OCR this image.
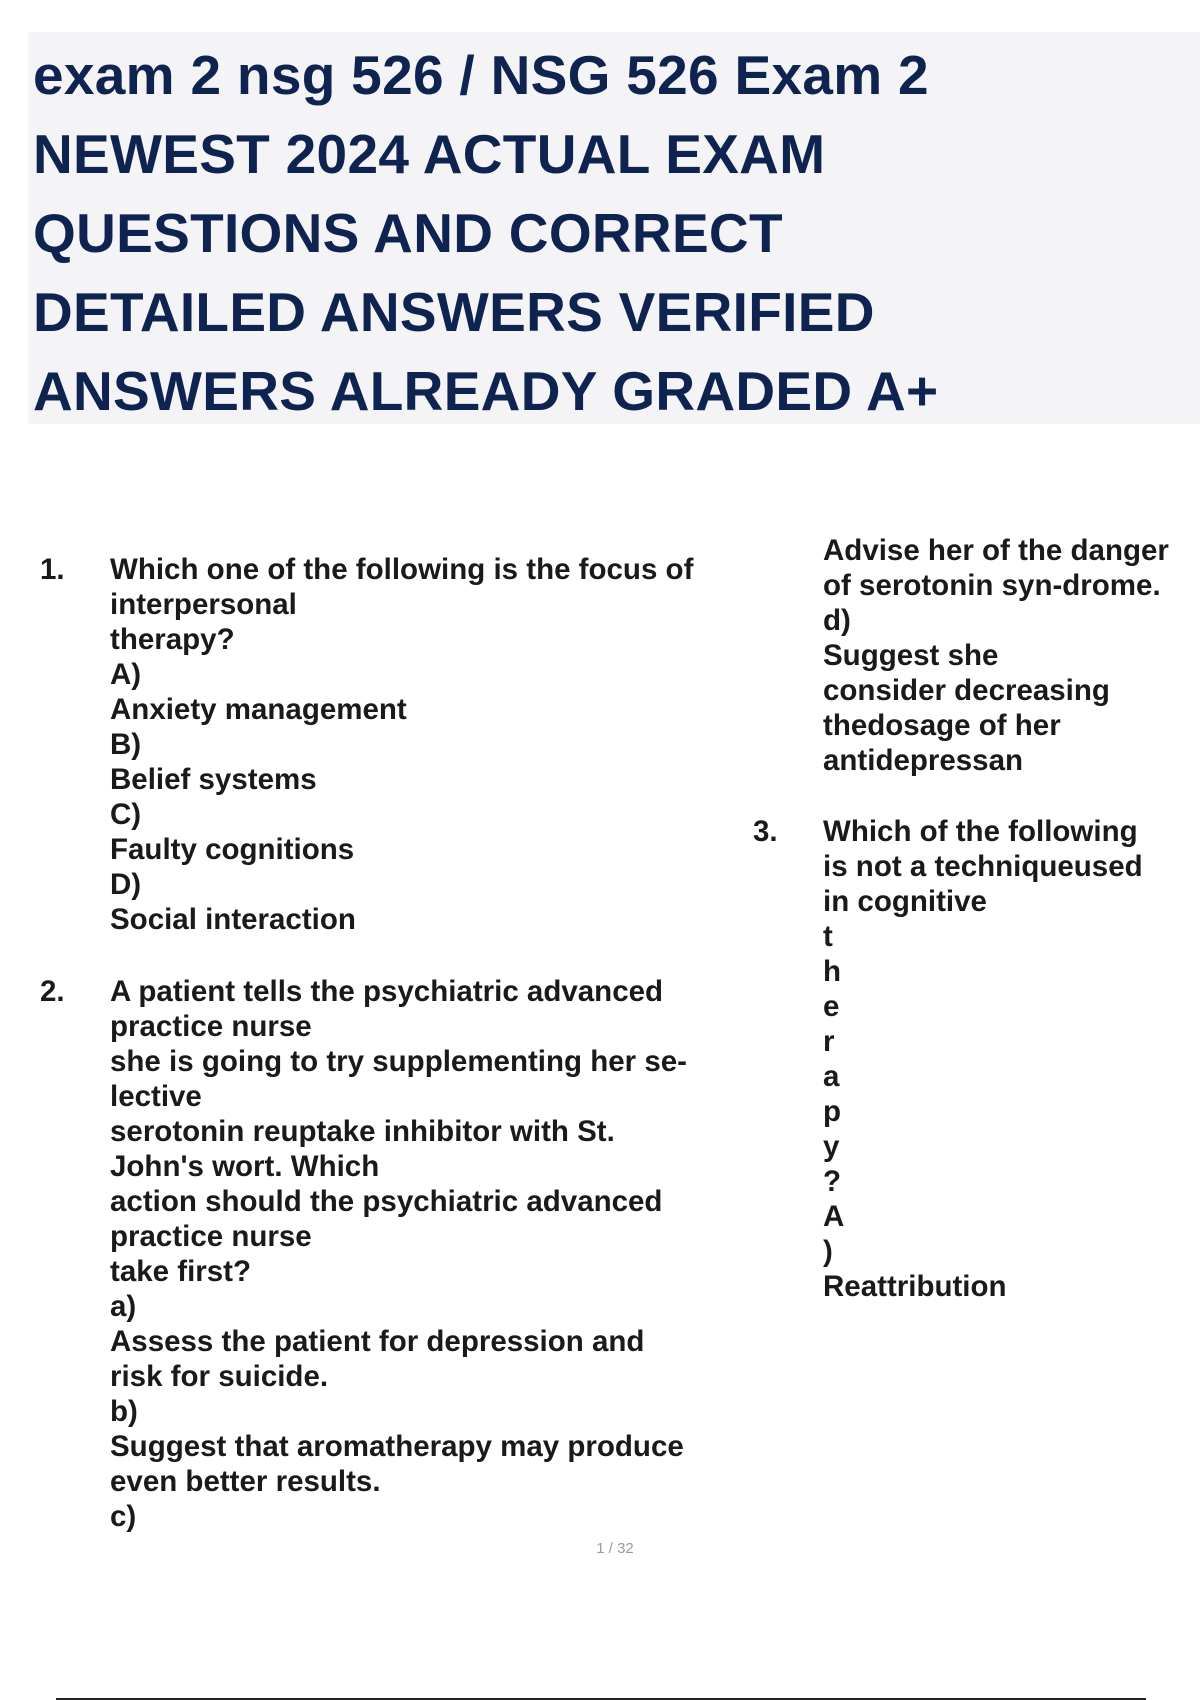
exam 2 nsg 526 / NSG 526 Exam 2

NEWEST 2024 ACTUAL EXAM

QUESTIONS AND CORRECT

DETAILED ANSWERS VERIFIED

ANSWERS ALREADY GRADED A+

1. Which one of the following is the focus of

interpersonal

therapy?

A)

Anxiety management

B)

Belief systems

C)

Faulty cognitions

D)

Social interaction

2. A patient tells the psychiatric advanced

practice nurse

she is going to try supplementing her se-

lective

serotonin reuptake inhibitor with St.

John's wort. Which

action should the psychiatric advanced

practice nurse

take first?

a)

Assess the patient for depression and

risk for suicide.

b)

Suggest that aromatherapy may produce

even better results.

c)

Advise her of the danger

of serotonin syn-drome.

d)

Suggest she

consider decreasing

thedosage of her

antidepressan

3. Which of the following

is not a techniqueused

in cognitive

t

h

e

r

a

p

y

?

A

)

Reattribution

1 / 32
